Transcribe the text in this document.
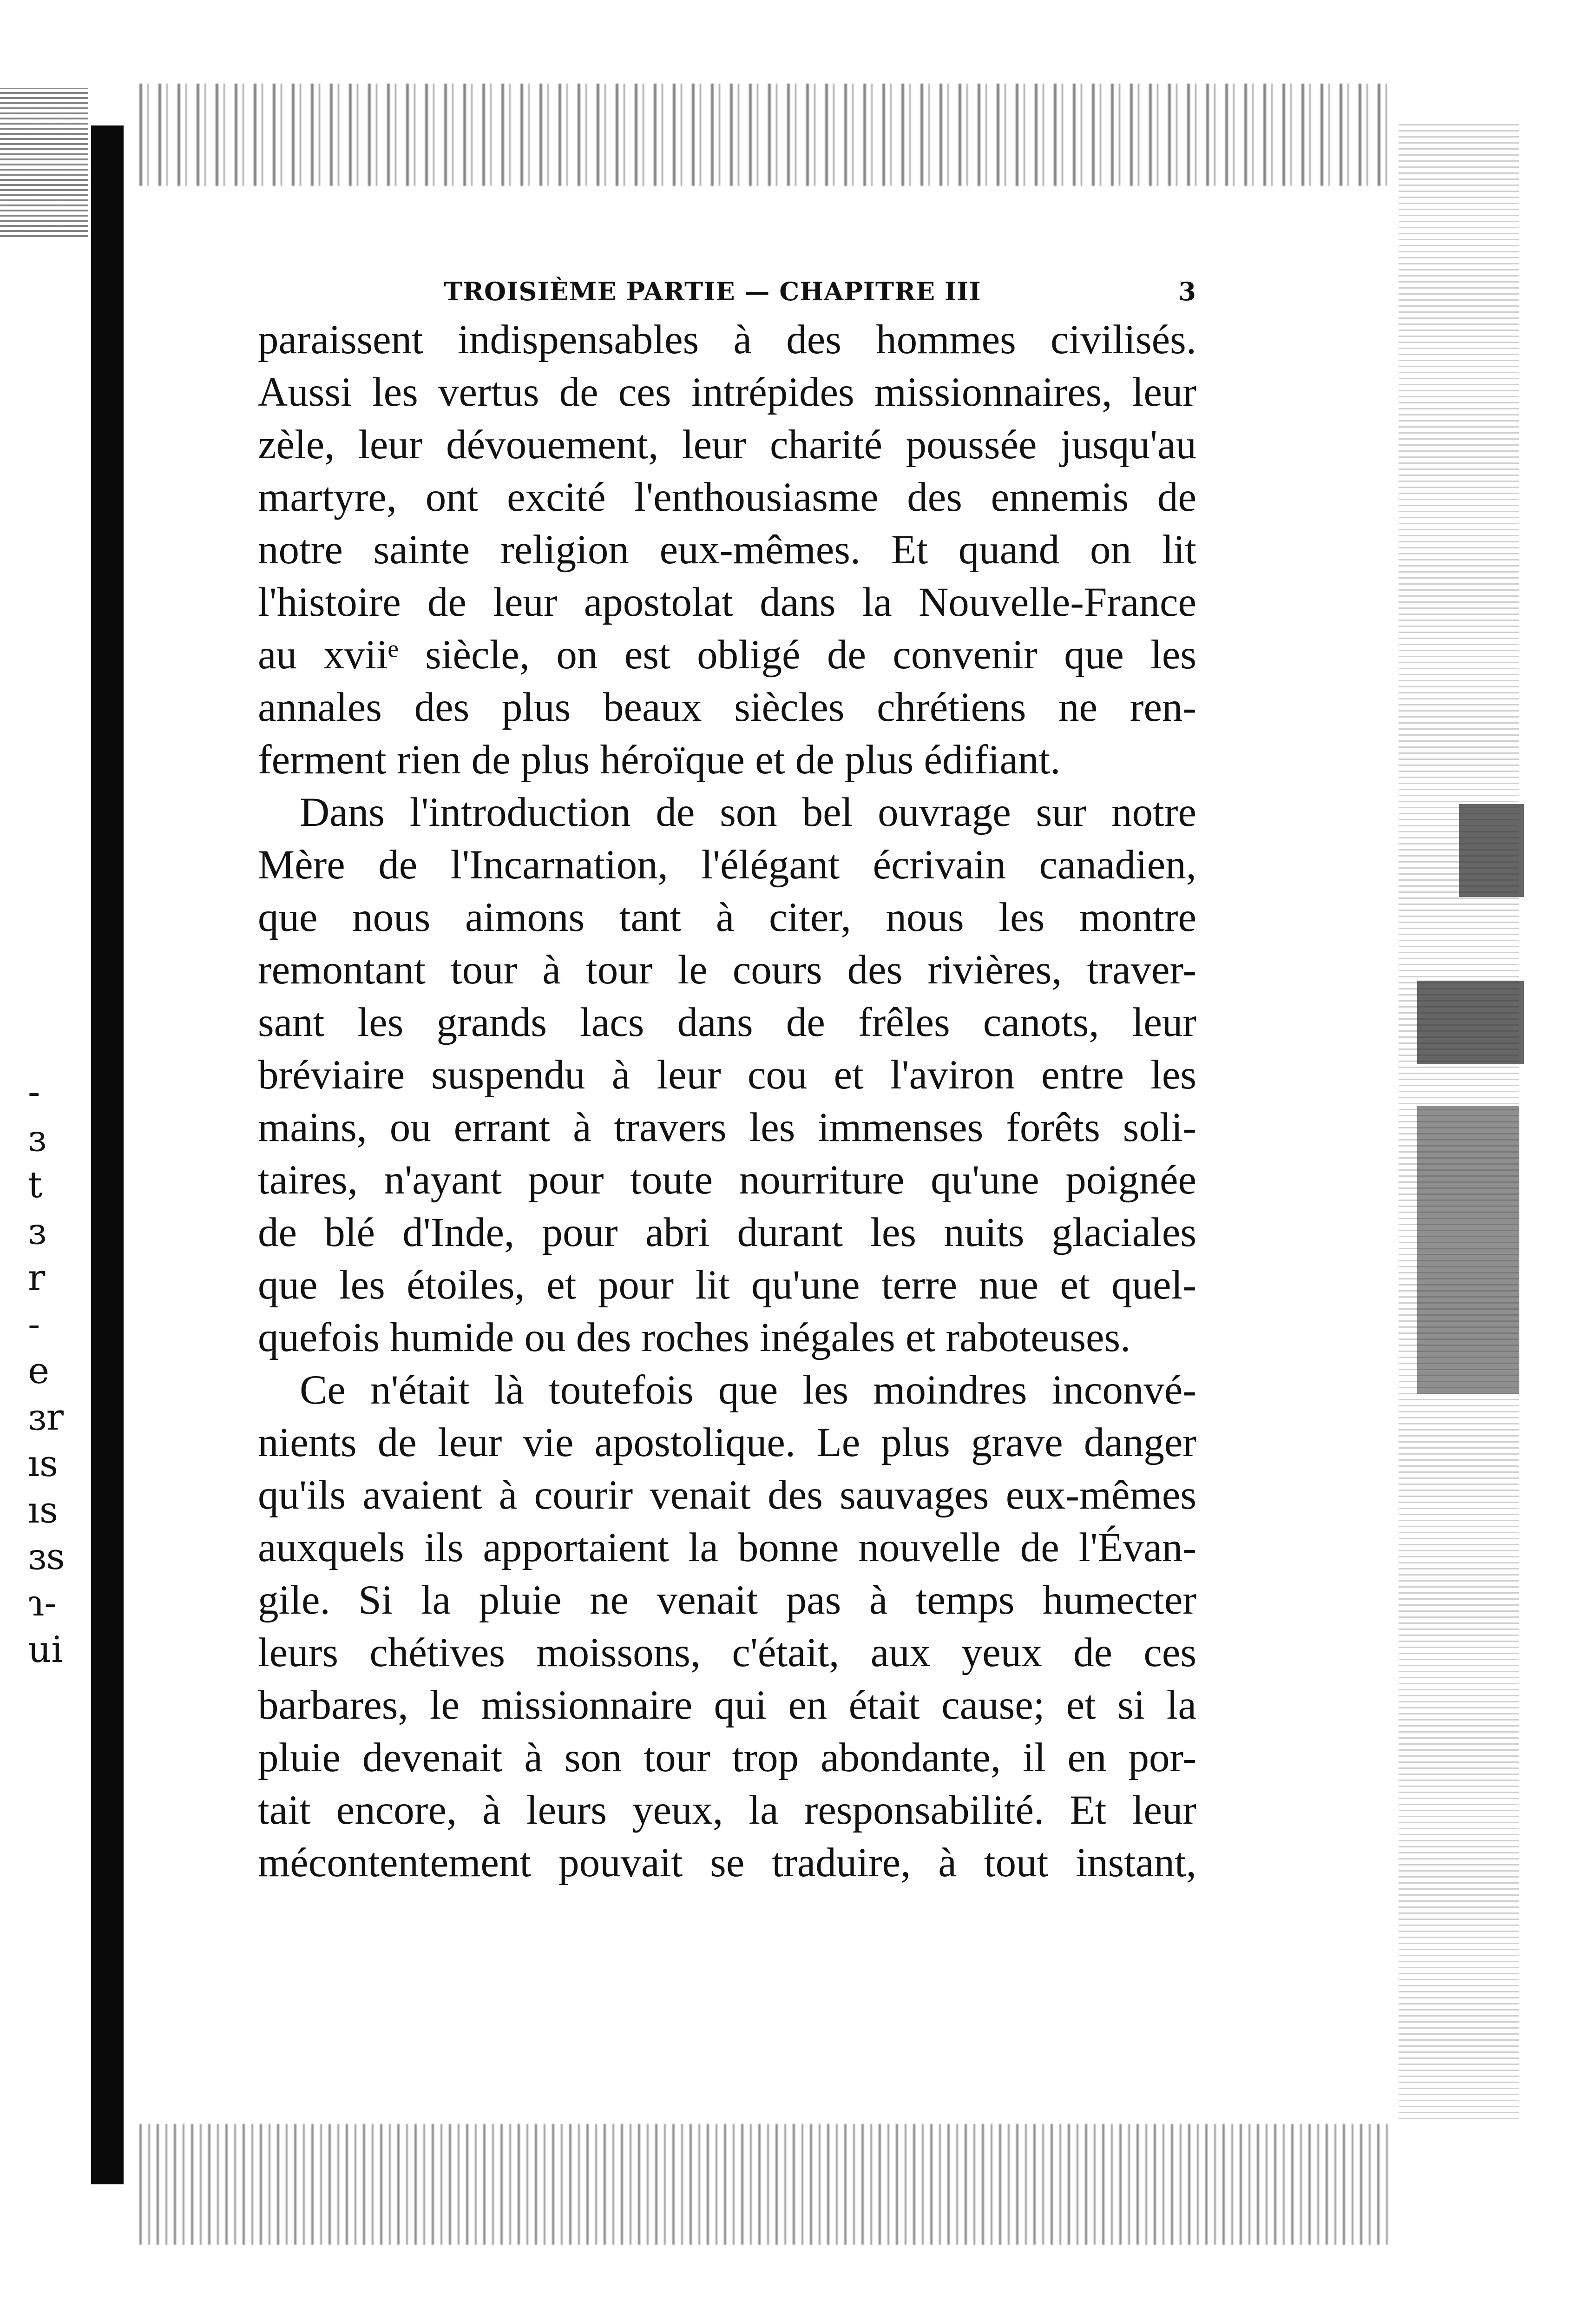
-
ɜ
t
ɜ
r
-
e
ɜr
ıs
ıs
ɜs
ɿ-
ui
TROISIÈME PARTIE — CHAPITRE III	3

paraissent indispensables à des hommes civilisés.
Aussi les vertus de ces intrépides missionnaires, leur
zèle, leur dévouement, leur charité poussée jusqu'au
martyre, ont excité l'enthousiasme des ennemis de
notre sainte religion eux-mêmes. Et quand on lit
l'histoire de leur apostolat dans la Nouvelle-France
au xviiᵉ siècle, on est obligé de convenir que les
annales des plus beaux siècles chrétiens ne ren-
ferment rien de plus héroïque et de plus édifiant.

Dans l'introduction de son bel ouvrage sur notre
Mère de l'Incarnation, l'élégant écrivain canadien,
que nous aimons tant à citer, nous les montre
remontant tour à tour le cours des rivières, traver-
sant les grands lacs dans de frêles canots, leur
bréviaire suspendu à leur cou et l'aviron entre les
mains, ou errant à travers les immenses forêts soli-
taires, n'ayant pour toute nourriture qu'une poignée
de blé d'Inde, pour abri durant les nuits glaciales
que les étoiles, et pour lit qu'une terre nue et quel-
quefois humide ou des roches inégales et raboteuses.

Ce n'était là toutefois que les moindres inconvé-
nients de leur vie apostolique. Le plus grave danger
qu'ils avaient à courir venait des sauvages eux-mêmes
auxquels ils apportaient la bonne nouvelle de l'Évan-
gile. Si la pluie ne venait pas à temps humecter
leurs chétives moissons, c'était, aux yeux de ces
barbares, le missionnaire qui en était cause; et si la
pluie devenait à son tour trop abondante, il en por-
tait encore, à leurs yeux, la responsabilité. Et leur
mécontentement pouvait se traduire, à tout instant,
